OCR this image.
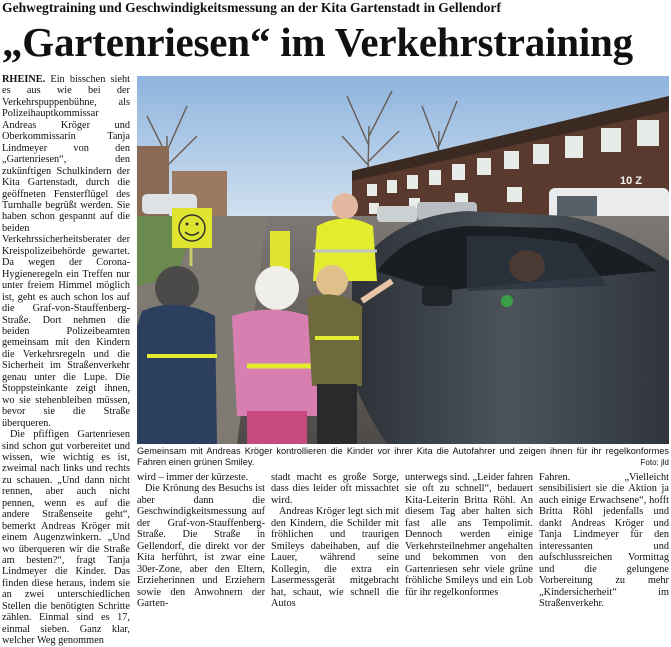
Gehwegtraining und Geschwindigkeitsmessung an der Kita Gartenstadt in Gellendorf
„Gartenriesen“ im Verkehrstraining

RHEINE. Ein bisschen sieht es aus wie bei der Verkehrspuppenbühne, als Polizeihauptkommissar Andreas Kröger und Oberkommissarin Tanja Lindmeyer von den „Gartenriesen“, den zukünftigen Schulkindern der Kita Gartenstadt, durch die geöffneten Fensterflügel des Turnhalle begrüßt werden. Sie haben schon gespannt auf die beiden Verkehrssicherheitsberater der Kreispolizeibehörde gewartet. Da wegen der Corona-Hygieneregeln ein Treffen nur unter freiem Himmel möglich ist, geht es auch schon los auf die Graf-von-Stauffenberg-Straße. Dort nehmen die beiden Polizeibeamten gemeinsam mit den Kindern die Verkehrsregeln und die Sicherheit im Straßenverkehr genau unter die Lupe. Die Stoppsteinkante zeigt ihnen, wo sie stehenbleiben müssen, bevor sie die Straße überqueren.

Die pfiffigen Gartenriesen sind schon gut vorbereitet und wissen, wie wichtig es ist, zweimal nach links und rechts zu schauen. „Und dann nicht rennen, aber auch nicht pennen, wenn es auf die andere Straßenseite geht“, bemerkt Andreas Kröger mit einem Augenzwinkern. „Und wo überqueren wir die Straße am besten?“, fragt Tanja Lindmeyer die Kinder. Das finden diese heraus, indem sie an zwei unterschiedlichen Stellen die benötigten Schritte zählen. Einmal sind es 17, einmal sieben. Ganz klar, welcher Weg genommen

10 Z
Gemeinsam mit Andreas Kröger kontrollieren die Kinder vor ihrer Kita die Autofahrer und zeigen ihnen für ihr regelkonformes Fahren einen grünen Smiley.	Foto: jld

wird – immer der kürzeste.

Die Krönung des Besuchs ist aber dann die Geschwindigkeitsmessung auf der Graf-von-Stauffenberg-Straße. Die Straße in Gellendorf, die direkt vor der Kita herführt, ist zwar eine 30er-Zone, aber den Eltern, Erzieherinnen und Erziehern sowie den Anwohnern der Garten-

stadt macht es große Sorge, dass dies leider oft missachtet wird.

Andreas Kröger legt sich mit den Kindern, die Schilder mit fröhlichen und traurigen Smileys dabeihaben, auf die Lauer, während seine Kollegin, die extra ein Lasermessgerät mitgebracht hat, schaut, wie schnell die Autos

unterwegs sind. „Leider fahren sie oft zu schnell“, bedauert Kita-Leiterin Britta Röhl. An diesem Tag aber halten sich fast alle ans Tempolimit. Dennoch werden einige Verkehrsteilnehmer angehalten und bekommen von den Gartenriesen sehr viele grüne fröhliche Smileys und ein Lob für ihr regelkonformes

Fahren. „Vielleicht sensibilisiert sie die Aktion ja auch einige Erwachsene“, hofft Britta Röhl jedenfalls und dankt Andreas Kröger und Tanja Lindmeyer für den interessanten und aufschlussreichen Vormittag und die gelungene Vorbereitung zu mehr „Kindersicherheit“ im Straßenverkehr.
